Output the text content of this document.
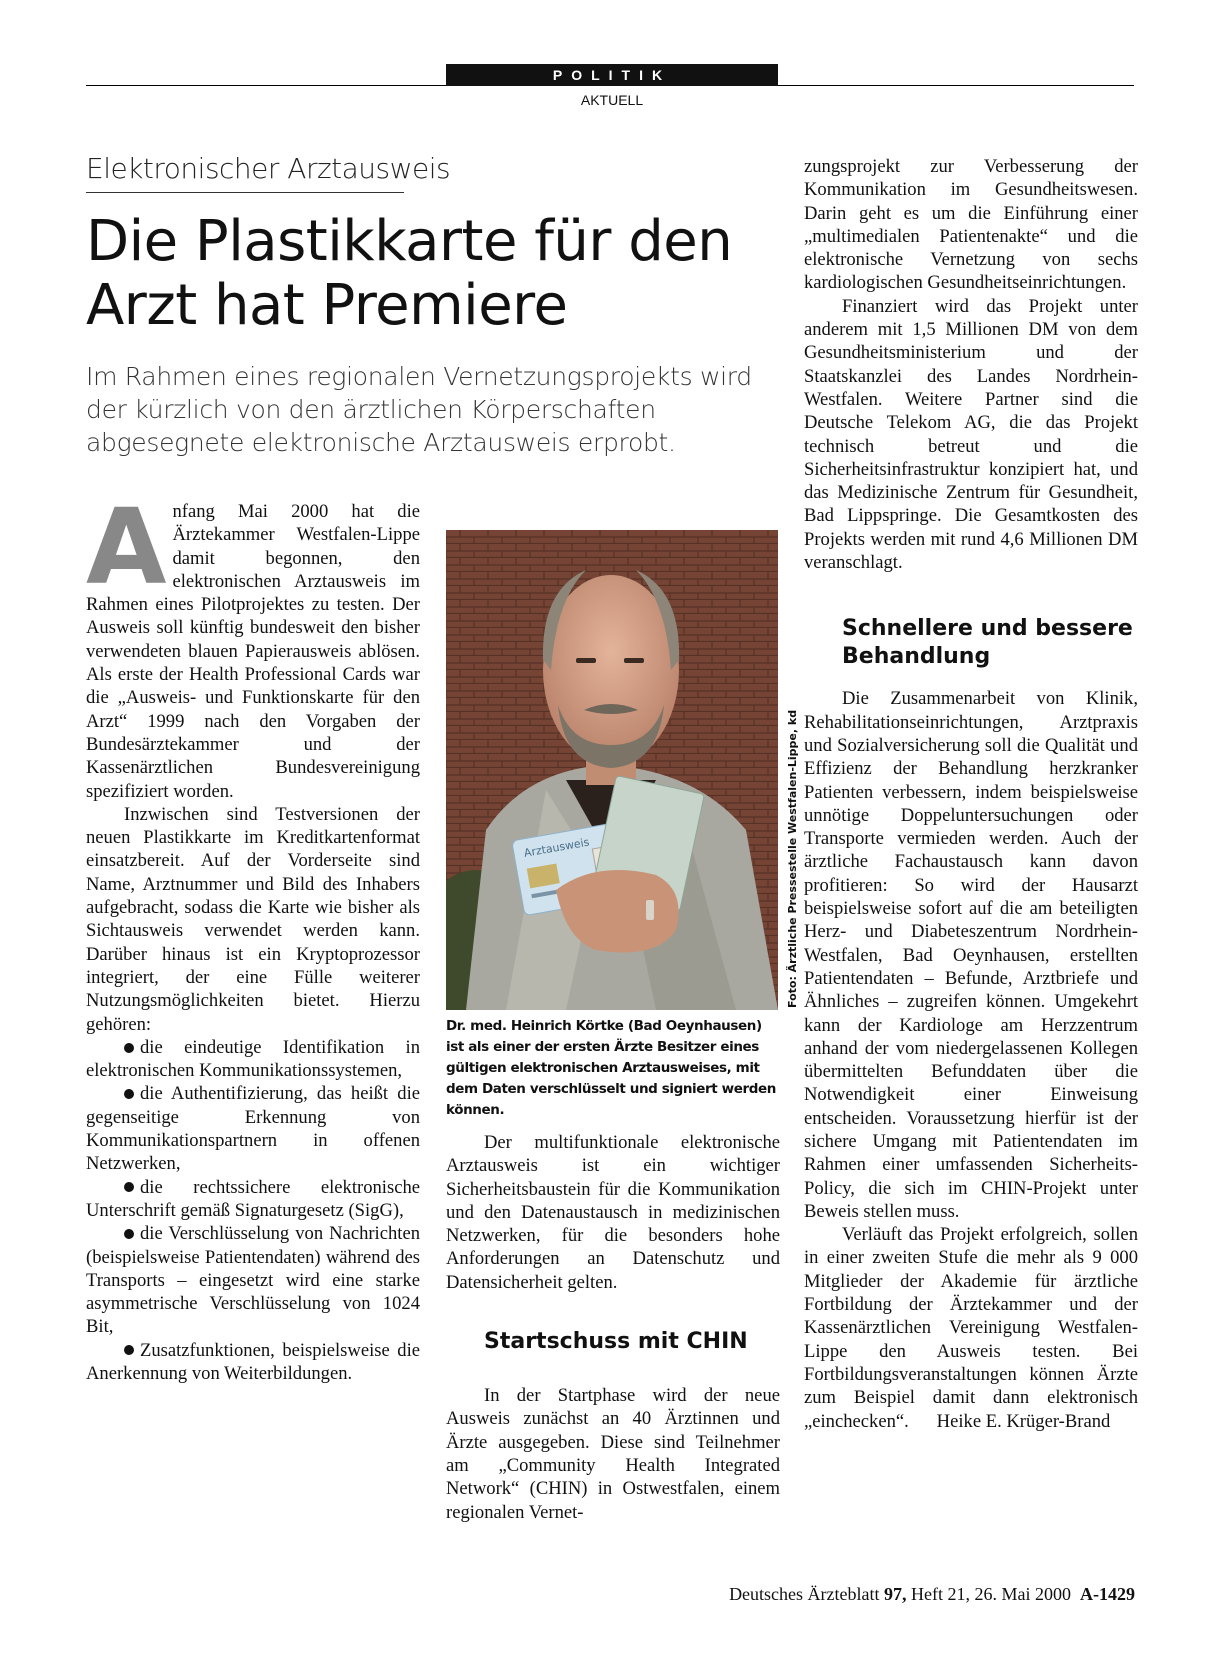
POLITIK
AKTUELL
Elektronischer Arztausweis
Die Plastikkarte für den Arzt hat Premiere
Im Rahmen eines regionalen Vernetzungsprojekts wird der kürzlich von den ärztlichen Körperschaften abgesegnete elektronische Arztausweis erprobt.

Anfang Mai 2000 hat die Ärztekammer Westfalen-Lippe damit begonnen, den elektronischen Arztausweis im Rahmen eines Pilotprojektes zu testen. Der Ausweis soll künftig bundesweit den bisher verwendeten blauen Papierausweis ablösen. Als erste der Health Professional Cards war die „Ausweis- und Funktionskarte für den Arzt“ 1999 nach den Vorgaben der Bundesärztekammer und der Kassenärztlichen Bundesvereinigung spezifiziert worden.

Inzwischen sind Testversionen der neuen Plastikkarte im Kreditkartenformat einsatzbereit. Auf der Vorderseite sind Name, Arztnummer und Bild des Inhabers aufgebracht, sodass die Karte wie bisher als Sichtausweis verwendet werden kann. Darüber hinaus ist ein Kryptoprozessor integriert, der eine Fülle weiterer Nutzungsmöglichkeiten bietet. Hierzu gehören:

die eindeutige Identifikation in elektronischen Kommunikationssystemen,

die Authentifizierung, das heißt die gegenseitige Erkennung von Kommunikationspartnern in offenen Netzwerken,

die rechtssichere elektronische Unterschrift gemäß Signaturgesetz (SigG),

die Verschlüsselung von Nachrichten (beispielsweise Patientendaten) während des Transports – eingesetzt wird eine starke asymmetrische Verschlüsselung von 1024 Bit,

Zusatzfunktionen, beispielsweise die Anerkennung von Weiterbildungen.

Arztausweis	Foto: Ärztliche Pressestelle Westfalen-Lippe, kd
Dr. med. Heinrich Körtke (Bad Oeynhausen) ist als einer der ersten Ärzte Besitzer eines gültigen elektronischen Arztausweises, mit dem Daten verschlüsselt und signiert werden können.

Der multifunktionale elektronische Arztausweis ist ein wichtiger Sicherheitsbaustein für die Kommunikation und den Datenaustausch in medizinischen Netzwerken, für die besonders hohe Anforderungen an Datenschutz und Datensicherheit gelten.

Startschuss mit CHIN

In der Startphase wird der neue Ausweis zunächst an 40 Ärztinnen und Ärzte ausgegeben. Diese sind Teilnehmer am „Community Health Integrated Network“ (CHIN) in Ostwestfalen, einem regionalen Vernet-

zungsprojekt zur Verbesserung der Kommunikation im Gesundheitswesen. Darin geht es um die Einführung einer „multimedialen Patientenakte“ und die elektronische Vernetzung von sechs kardiologischen Gesundheitseinrichtungen.

Finanziert wird das Projekt unter anderem mit 1,5 Millionen DM von dem Gesundheitsministerium und der Staatskanzlei des Landes Nordrhein-Westfalen. Weitere Partner sind die Deutsche Telekom AG, die das Projekt technisch betreut und die Sicherheitsinfrastruktur konzipiert hat, und das Medizinische Zentrum für Gesundheit, Bad Lippspringe. Die Gesamtkosten des Projekts werden mit rund 4,6 Millionen DM veranschlagt.

Schnellere und bessere Behandlung

Die Zusammenarbeit von Klinik, Rehabilitationseinrichtungen, Arztpraxis und Sozialversicherung soll die Qualität und Effizienz der Behandlung herzkranker Patienten verbessern, indem beispielsweise unnötige Doppeluntersuchungen oder Transporte vermieden werden. Auch der ärztliche Fachaustausch kann davon profitieren: So wird der Hausarzt beispielsweise sofort auf die am beteiligten Herz- und Diabeteszentrum Nordrhein-Westfalen, Bad Oeynhausen, erstellten Patientendaten – Befunde, Arztbriefe und Ähnliches – zugreifen können. Umgekehrt kann der Kardiologe am Herzzentrum anhand der vom niedergelassenen Kollegen übermittelten Befunddaten über die Notwendigkeit einer Einweisung entscheiden. Voraussetzung hierfür ist der sichere Umgang mit Patientendaten im Rahmen einer umfassenden Sicherheits-Policy, die sich im CHIN-Projekt unter Beweis stellen muss.

Verläuft das Projekt erfolgreich, sollen in einer zweiten Stufe die mehr als 9 000 Mitglieder der Akademie für ärztliche Fortbildung der Ärztekammer und der Kassenärztlichen Vereinigung Westfalen-Lippe den Ausweis testen. Bei Fortbildungsveranstaltungen können Ärzte zum Beispiel damit dann elektronisch „einchecken“. Heike E. Krüger-Brand

Deutsches Ärzteblatt 97, Heft 21, 26. Mai 2000 A-1429
